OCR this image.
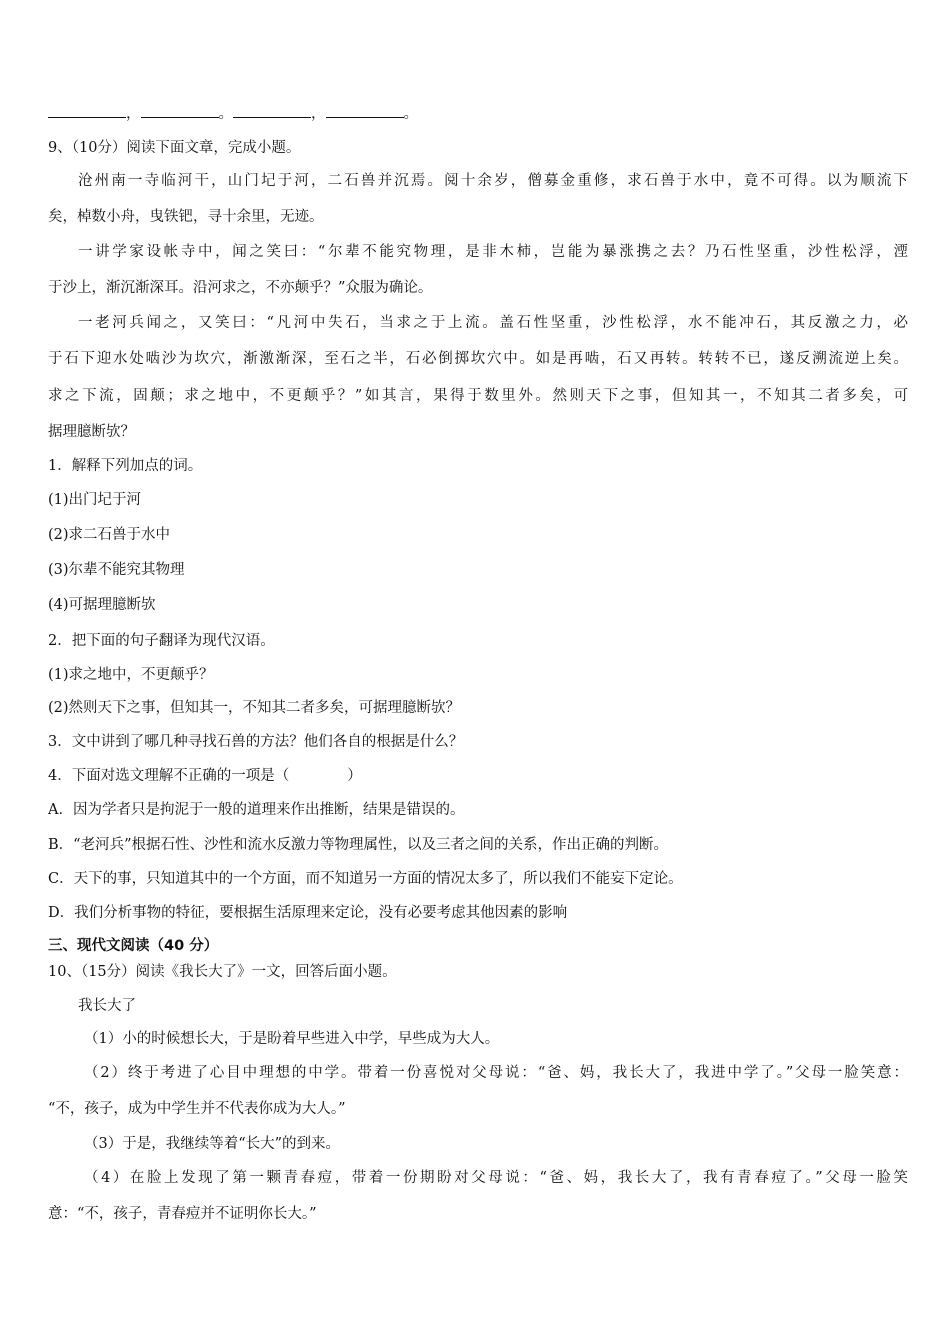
，	。	，	。
9、（10分）阅读下面文章，完成小题。
沧州南一寺临河干，山门圮于河，二石兽并沉焉。阅十余岁，僧募金重修，求石兽于水中，竟不可得。以为顺流下
矣，棹数小舟，曳铁钯，寻十余里，无迹。
一讲学家设帐寺中，闻之笑曰：“尔辈不能究物理，是非木柿，岂能为暴涨携之去？乃石性坚重，沙性松浮，湮
于沙上，渐沉渐深耳。沿河求之，不亦颠乎？”众服为确论。
一老河兵闻之，又笑曰：“凡河中失石，当求之于上流。盖石性坚重，沙性松浮，水不能冲石，其反激之力，必
于石下迎水处啮沙为坎穴，渐激渐深，至石之半，石必倒掷坎穴中。如是再啮，石又再转。转转不已，遂反溯流逆上矣。
求之下流，固颠；求之地中，不更颠乎？”如其言，果得于数里外。然则天下之事，但知其一，不知其二者多矣，可
据理臆断欤？
1．解释下列加点的词。
(1)出门圮于河
(2)求二石兽于水中
(3)尔辈不能究其物理
(4)可据理臆断欤
2．把下面的句子翻译为现代汉语。
(1)求之地中，不更颠乎？
(2)然则天下之事，但知其一，不知其二者多矣，可据理臆断欤？
3．文中讲到了哪几种寻找石兽的方法？他们各自的根据是什么？
4．下面对选文理解不正确的一项是（　　　　）
A．因为学者只是拘泥于一般的道理来作出推断，结果是错误的。
B．“老河兵”根据石性、沙性和流水反激力等物理属性，以及三者之间的关系，作出正确的判断。
C．天下的事，只知道其中的一个方面，而不知道另一方面的情况太多了，所以我们不能妄下定论。
D．我们分析事物的特征，要根据生活原理来定论，没有必要考虑其他因素的影响
三、现代文阅读（40 分）
10、（15分）阅读《我长大了》一文，回答后面小题。
我长大了
（1）小的时候想长大，于是盼着早些进入中学，早些成为大人。
（2）终于考进了心目中理想的中学。带着一份喜悦对父母说：“爸、妈，我长大了，我进中学了。”父母一脸笑意：
“不，孩子，成为中学生并不代表你成为大人。”
（3）于是，我继续等着“长大”的到来。
（4）在脸上发现了第一颗青春痘，带着一份期盼对父母说：“爸、妈，我长大了，我有青春痘了。”父母一脸笑
意：“不，孩子，青春痘并不证明你长大。”
